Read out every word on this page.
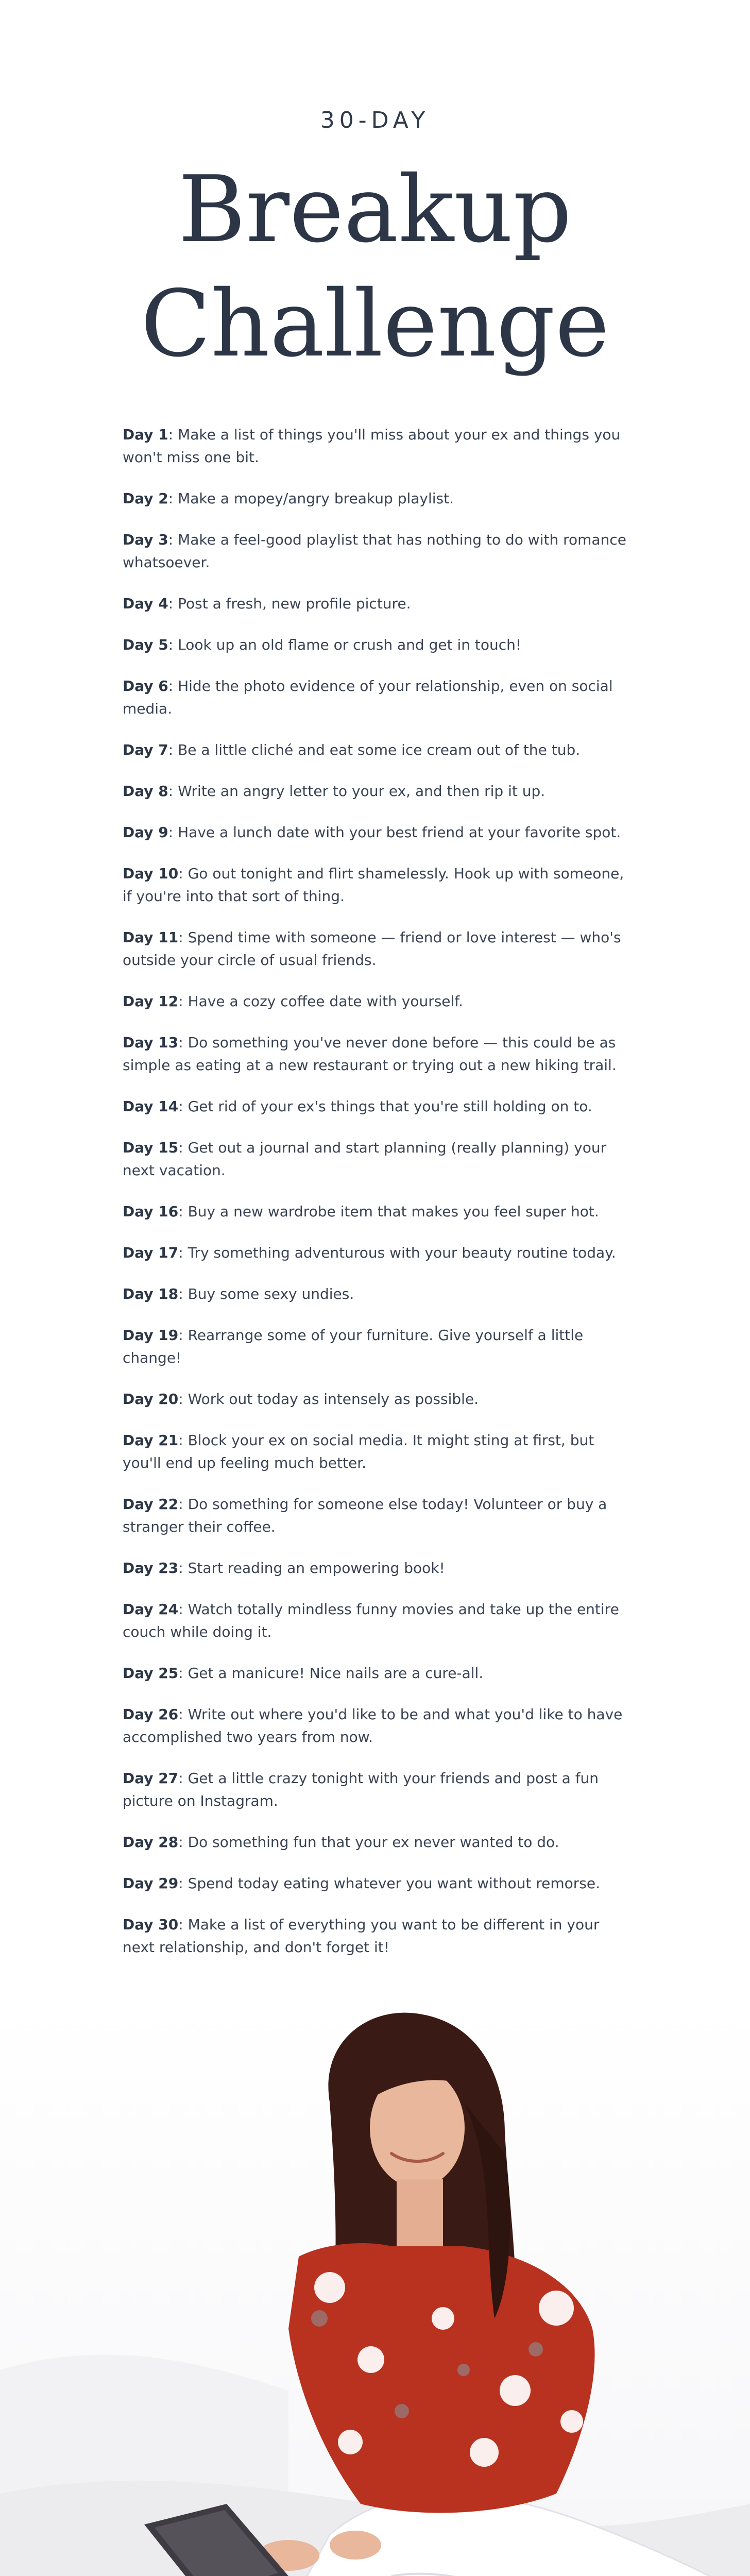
30-DAY
Breakup
Challenge
Day 1: Make a list of things you'll miss about your ex and things you won't miss one bit.
Day 2: Make a mopey/angry breakup playlist.
Day 3: Make a feel-good playlist that has nothing to do with romance whatsoever.
Day 4: Post a fresh, new profile picture.
Day 5: Look up an old flame or crush and get in touch!
Day 6: Hide the photo evidence of your relationship, even on social media.
Day 7: Be a little cliché and eat some ice cream out of the tub.
Day 8: Write an angry letter to your ex, and then rip it up.
Day 9: Have a lunch date with your best friend at your favorite spot.
Day 10: Go out tonight and flirt shamelessly. Hook up with someone, if you're into that sort of thing.
Day 11: Spend time with someone — friend or love interest — who's outside your circle of usual friends.
Day 12: Have a cozy coffee date with yourself.
Day 13: Do something you've never done before — this could be as simple as eating at a new restaurant or trying out a new hiking trail.
Day 14: Get rid of your ex's things that you're still holding on to.
Day 15: Get out a journal and start planning (really planning) your next vacation.
Day 16: Buy a new wardrobe item that makes you feel super hot.
Day 17: Try something adventurous with your beauty routine today.
Day 18: Buy some sexy undies.
Day 19: Rearrange some of your furniture. Give yourself a little change!
Day 20: Work out today as intensely as possible.
Day 21: Block your ex on social media. It might sting at first, but you'll end up feeling much better.
Day 22: Do something for someone else today! Volunteer or buy a stranger their coffee.
Day 23: Start reading an empowering book!
Day 24: Watch totally mindless funny movies and take up the entire couch while doing it.
Day 25: Get a manicure! Nice nails are a cure-all.
Day 26: Write out where you'd like to be and what you'd like to have accomplished two years from now.
Day 27: Get a little crazy tonight with your friends and post a fun picture on Instagram.
Day 28: Do something fun that your ex never wanted to do.
Day 29: Spend today eating whatever you want without remorse.
Day 30: Make a list of everything you want to be different in your next relationship, and don't forget it!
